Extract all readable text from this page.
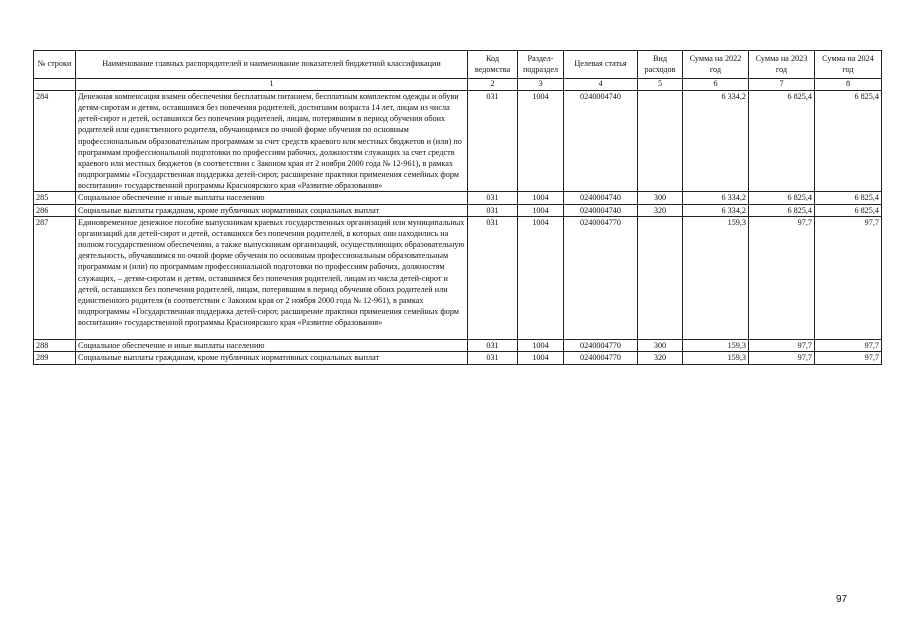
№ строки	Наименование главных распорядителей и наименование показателей бюджетной классификации	Код ведомства	Раздел-подраздел	Целевая статья	Вид расходов	Сумма на 2022 год	Сумма на 2023 год	Сумма на 2024 год
	1	2	3	4	5	6	7	8
284	Денежная компенсация взамен обеспечения бесплатным питанием, бесплатным комплектом одежды и обуви детям-сиротам и детям, оставшимся без попечения родителей, достигшим возраста 14 лет, лицам из числа детей-сирот и детей, оставшихся без попечения родителей, лицам, потерявшим в период обучения обоих родителей или единственного родителя, обучающимся по очной форме обучения по основным профессиональным образовательным программам за счет средств краевого или местных бюджетов и (или) по программам профессиональной подготовки по профессиям рабочих, должностям служащих за счет средств краевого или местных бюджетов (в соответствии с Законом края от 2 ноября 2000 года № 12-961), в рамках подпрограммы «Государственная поддержка детей-сирот, расширение практики применения семейных форм воспитания» государственной программы Красноярского края «Развитие образования»	031	1004	0240004740		6 334,2	6 825,4	6 825,4
285	Социальное обеспечение и иные выплаты населению	031	1004	0240004740	300	6 334,2	6 825,4	6 825,4
286	Социальные выплаты гражданам, кроме публичных нормативных социальных выплат	031	1004	0240004740	320	6 334,2	6 825,4	6 825,4
287	Единовременное денежное пособие выпускникам краевых государственных организаций или муниципальных организаций для детей-сирот и детей, оставшихся без попечения родителей, в которых они находились на полном государственном обеспечении, а также выпускникам организаций, осуществляющих образовательную деятельность, обучавшимся по очной форме обучения по основным профессиональным образовательным программам и (или) по программам профессиональной подготовки по профессиям рабочих, должностям служащих, – детям-сиротам и детям, оставшимся без попечения родителей, лицам из числа детей-сирот и детей, оставшихся без попечения родителей, лицам, потерявшим в период обучения обоих родителей или единственного родителя (в соответствии с Законом края от 2 ноября 2000 года № 12-961), в рамках подпрограммы «Государственная поддержка детей-сирот, расширение практики применения семейных форм воспитания» государственной программы Красноярского края «Развитие образования»	031	1004	0240004770		159,3	97,7	97,7
288	Социальное обеспечение и иные выплаты населению	031	1004	0240004770	300	159,3	97,7	97,7
289	Социальные выплаты гражданам, кроме публичных нормативных социальных выплат	031	1004	0240004770	320	159,3	97,7	97,7
97
